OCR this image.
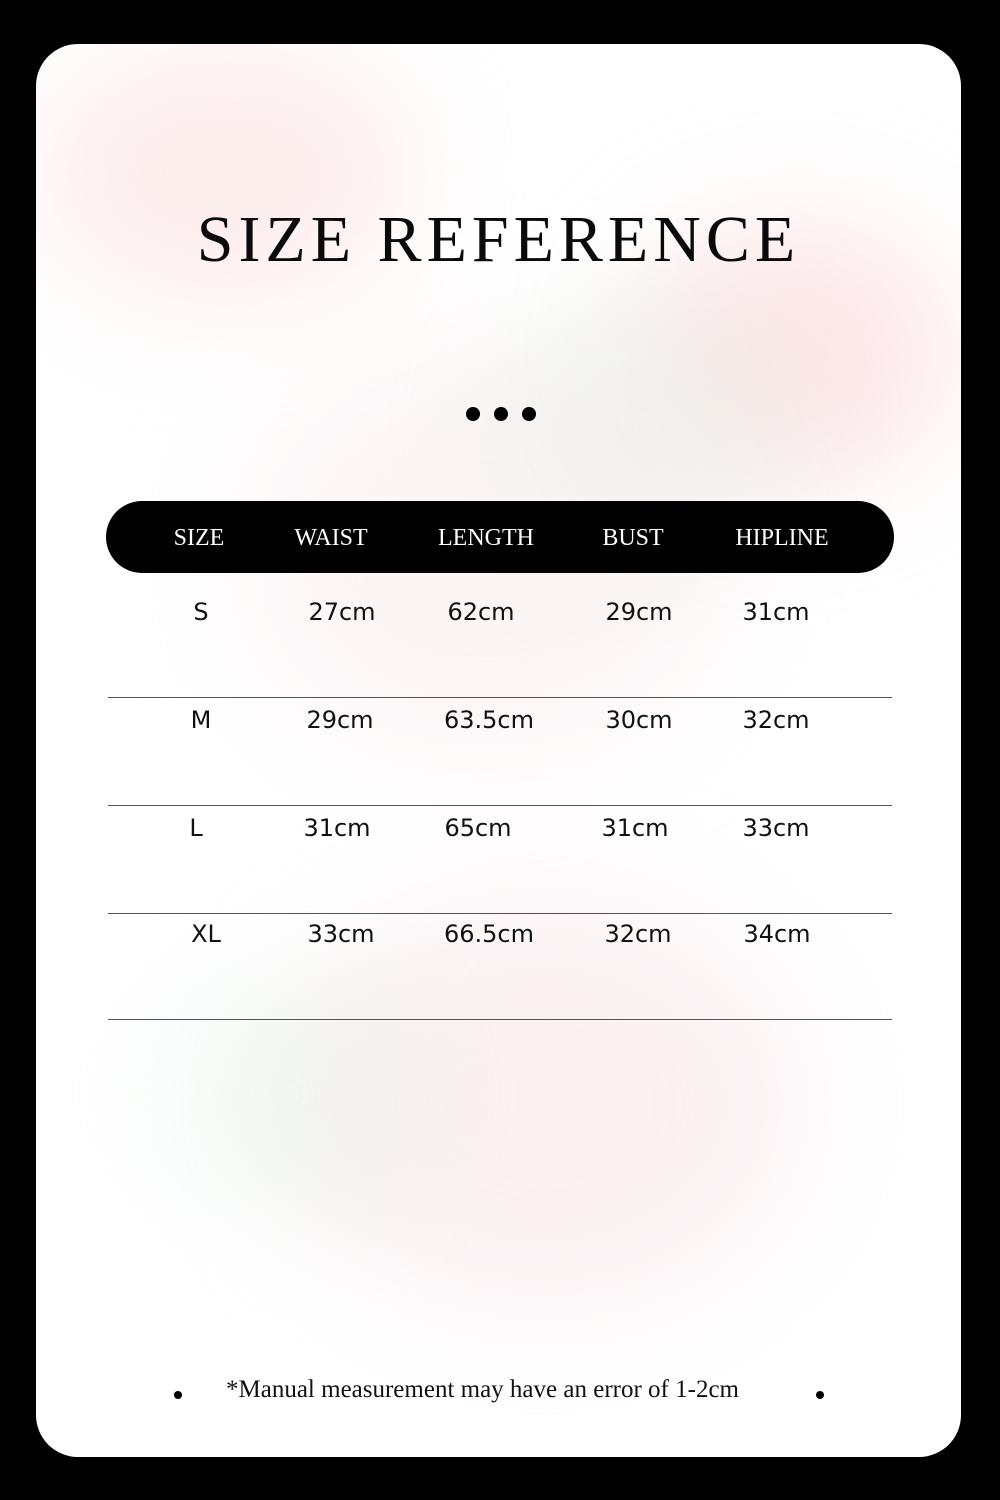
SIZE REFERENCE
SIZE	WAIST	LENGTH	BUST	HIPLINE
S	27cm	62cm	29cm	31cm
M	29cm	63.5cm	30cm	32cm
L	31cm	65cm	31cm	33cm
XL	33cm	66.5cm	32cm	34cm
*Manual measurement may have an error of 1-2cm
